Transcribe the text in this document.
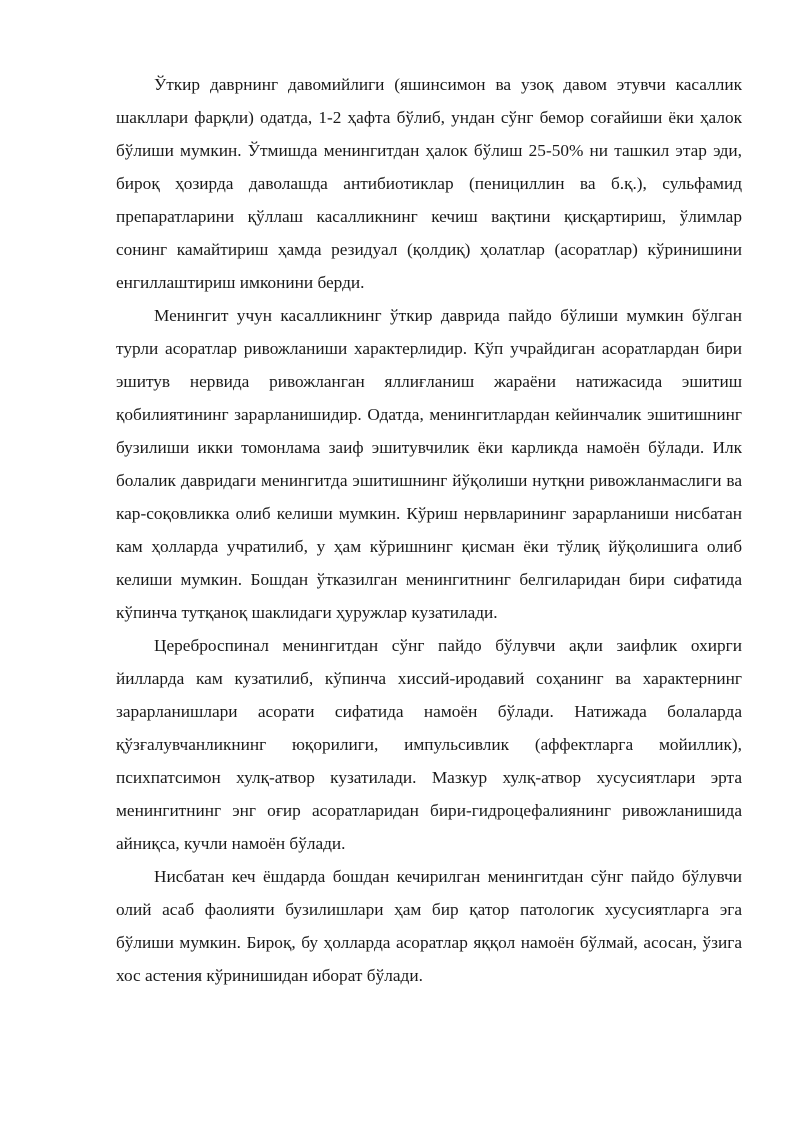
Ўткир даврнинг давомийлиги (яшинсимон ва узоқ давом этувчи касаллик шакллари фарқли) одатда, 1-2 ҳафта бўлиб, ундан сўнг бемор соғайиши ёки ҳалок бўлиши мумкин. Ўтмишда менингитдан ҳалок бўлиш 25-50% ни ташкил этар эди, бироқ ҳозирда даволашда антибиотиклар (пенициллин ва б.қ.), сульфамид препаратларини қўллаш касалликнинг кечиш вақтини қисқартириш, ўлимлар сонинг камайтириш ҳамда резидуал (қолдиқ) ҳолатлар (асоратлар) кўринишини енгиллаштириш имконини берди.

Менингит учун касалликнинг ўткир даврида пайдо бўлиши мумкин бўлган турли асоратлар ривожланиши характерлидир. Кўп учрайдиган асоратлардан бири эшитув нервида ривожланган яллиғланиш жараёни натижасида эшитиш қобилиятининг зарарланишидир. Одатда, менингитлардан кейинчалик эшитишнинг бузилиши икки томонлама заиф эшитувчилик ёки карликда намоён бўлади. Илк болалик давридаги менингитда эшитишнинг йўқолиши нутқни ривожланмаслиги ва кар-соқовликка олиб келиши мумкин. Кўриш нервларининг зарарланиши нисбатан кам ҳолларда учратилиб, у ҳам кўришнинг қисман ёки тўлиқ йўқолишига олиб келиши мумкин. Бошдан ўтказилган менингитнинг белгиларидан бири сифатида кўпинча тутқаноқ шаклидаги ҳуружлар кузатилади.

Цереброспинал менингитдан сўнг пайдо бўлувчи ақли заифлик охирги йилларда кам кузатилиб, кўпинча хиссий-иродавий соҳанинг ва характернинг зарарланишлари асорати сифатида намоён бўлади. Натижада болаларда қўзғалувчанликнинг юқорилиги, импульсивлик (аффектларга мойиллик), психпатсимон хулқ-атвор кузатилади. Мазкур хулқ-атвор хусусиятлари эрта менингитнинг энг оғир асоратларидан бири-гидроцефалиянинг ривожланишида айниқса, кучли намоён бўлади.

Нисбатан кеч ёшдарда бошдан кечирилган менингитдан сўнг пайдо бўлувчи олий асаб фаолияти бузилишлари ҳам бир қатор патологик хусусиятларга эга бўлиши мумкин. Бироқ, бу ҳолларда асоратлар яққол намоён бўлмай, асосан, ўзига хос астения кўринишидан иборат бўлади.
